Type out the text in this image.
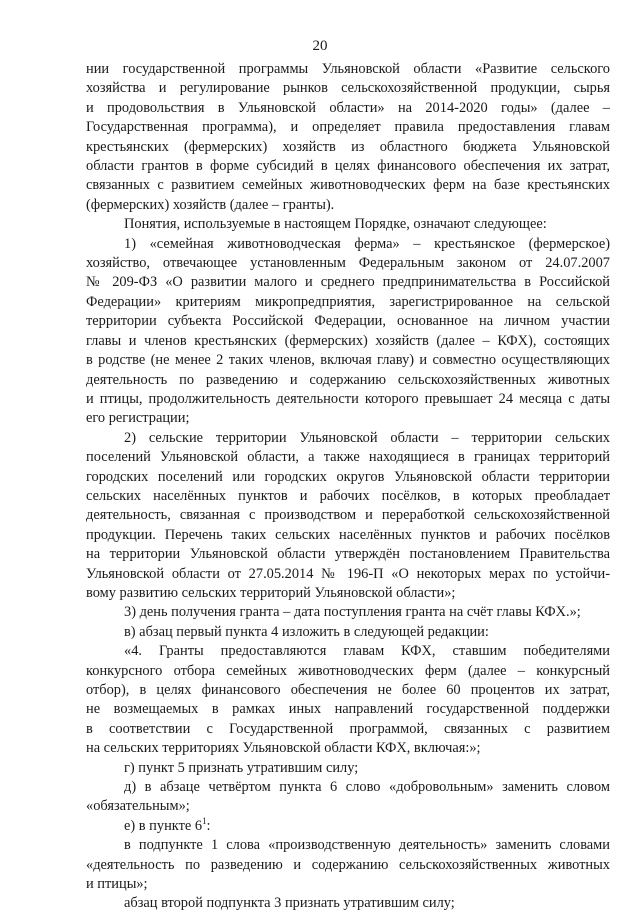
20

нии государственной программы Ульяновской области «Развитие сельского

хозяйства и регулирование рынков сельскохозяйственной продукции, сырья

и продовольствия в Ульяновской области» на 2014-2020 годы» (далее –

Государственная программа), и определяет правила предоставления главам

крестьянских (фермерских) хозяйств из областного бюджета Ульяновской

области грантов в форме субсидий в целях финансового обеспечения их затрат,

связанных с развитием семейных животноводческих ферм на базе крестьянских

(фермерских) хозяйств (далее – гранты).

Понятия, используемые в настоящем Порядке, означают следующее:

1) «семейная животноводческая ферма» – крестьянское (фермерское)

хозяйство, отвечающее установленным Федеральным законом от 24.07.2007

№ 209-ФЗ «О развитии малого и среднего предпринимательства в Российской

Федерации» критериям микропредприятия, зарегистрированное на сельской

территории субъекта Российской Федерации, основанное на личном участии

главы и членов крестьянских (фермерских) хозяйств (далее – КФХ), состоящих

в родстве (не менее 2 таких членов, включая главу) и совместно осуществляющих

деятельность по разведению и содержанию сельскохозяйственных животных

и птицы, продолжительность деятельности которого превышает 24 месяца с даты

его регистрации;

2) сельские территории Ульяновской области – территории сельских

поселений Ульяновской области, а также находящиеся в границах территорий

городских поселений или городских округов Ульяновской области территории

сельских населённых пунктов и рабочих посёлков, в которых преобладает

деятельность, связанная с производством и переработкой сельскохозяйственной

продукции. Перечень таких сельских населённых пунктов и рабочих посёлков

на территории Ульяновской области утверждён постановлением Правительства

Ульяновской области от 27.05.2014 № 196-П «О некоторых мерах по устойчи-

вому развитию сельских территорий Ульяновской области»;

3) день получения гранта – дата поступления гранта на счёт главы КФХ.»;

в) абзац первый пункта 4 изложить в следующей редакции:

«4. Гранты предоставляются главам КФХ, ставшим победителями

конкурсного отбора семейных животноводческих ферм (далее – конкурсный

отбор), в целях финансового обеспечения не более 60 процентов их затрат,

не возмещаемых в рамках иных направлений государственной поддержки

в соответствии с Государственной программой, связанных с развитием

на сельских территориях Ульяновской области КФХ, включая:»;

г) пункт 5 признать утратившим силу;

д) в абзаце четвёртом пункта 6 слово «добровольным» заменить словом

«обязательным»;

е) в пункте $6^1$:

в подпункте 1 слова «производственную деятельность» заменить словами

«деятельность по разведению и содержанию сельскохозяйственных животных

и птицы»;

абзац второй подпункта 3 признать утратившим силу;
